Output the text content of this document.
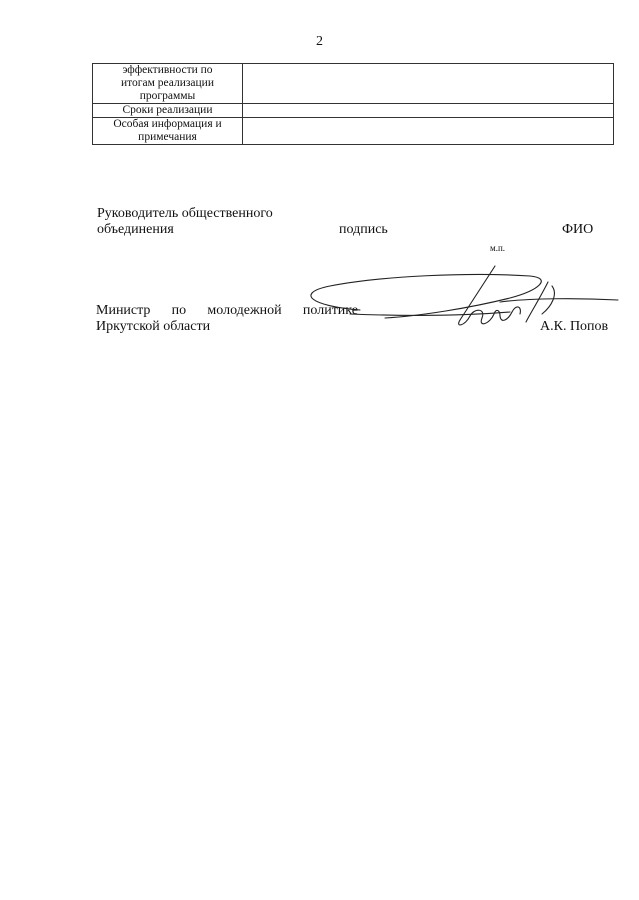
2
эффективности по
итогам реализации
программы	

Сроки реализации	

Особая информация и
примечания	

Руководитель общественного
объединения	подпись	ФИО
м.п.
Министр по молодежной политике
Иркутской области	А.К. Попов
